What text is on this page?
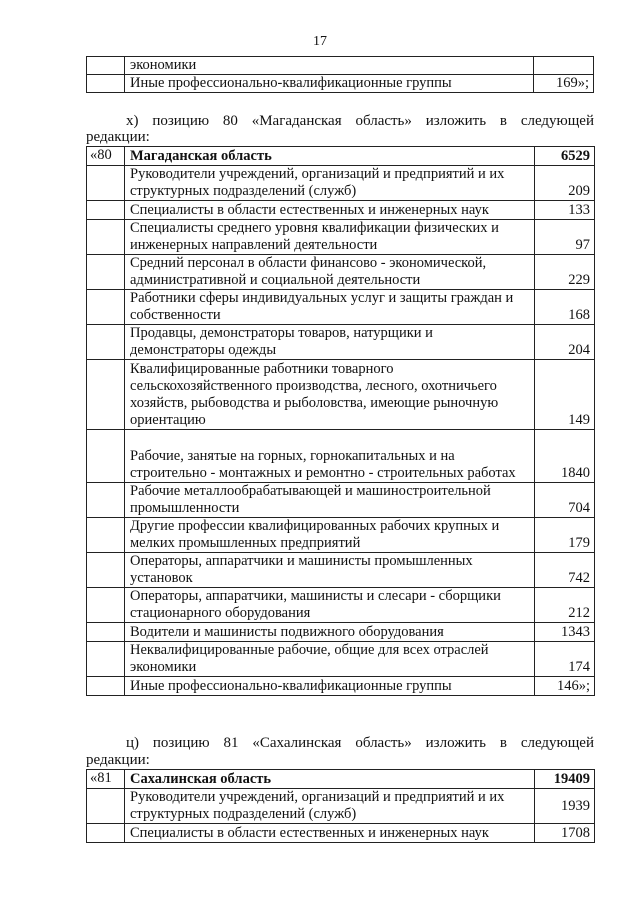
17
	экономики	
	Иные профессионально-квалификационные группы	169»;
х) позицию 80 «Магаданская область» изложить в следующей
редакции:
«80	Магаданская область	6529
	Руководители учреждений, организаций и предприятий и их структурных подразделений (служб)	209
	Специалисты в области естественных и инженерных наук	133
	Специалисты среднего уровня квалификации физических и инженерных направлений деятельности	97
	Средний персонал в области финансово - экономической, административной и социальной деятельности	229
	Работники сферы индивидуальных услуг и защиты граждан и собственности	168
	Продавцы, демонстраторы товаров, натурщики и демонстраторы одежды	204
	Квалифицированные работники товарного сельскохозяйственного производства, лесного, охотничьего хозяйств, рыбоводства и рыболовства, имеющие рыночную ориентацию	149
	Рабочие, занятые на горных, горнокапитальных и на строительно - монтажных и ремонтно - строительных работах	1840
	Рабочие металлообрабатывающей и машиностроительной промышленности	704
	Другие профессии квалифицированных рабочих крупных и мелких промышленных предприятий	179
	Операторы, аппаратчики и машинисты промышленных установок	742
	Операторы, аппаратчики, машинисты и слесари - сборщики стационарного оборудования	212
	Водители и машинисты подвижного оборудования	1343
	Неквалифицированные рабочие, общие для всех отраслей экономики	174
	Иные профессионально-квалификационные группы	146»;
ц) позицию 81 «Сахалинская область» изложить в следующей
редакции:
«81	Сахалинская область	19409
	Руководители учреждений, организаций и предприятий и их структурных подразделений (служб)	1939
	Специалисты в области естественных и инженерных наук	1708
